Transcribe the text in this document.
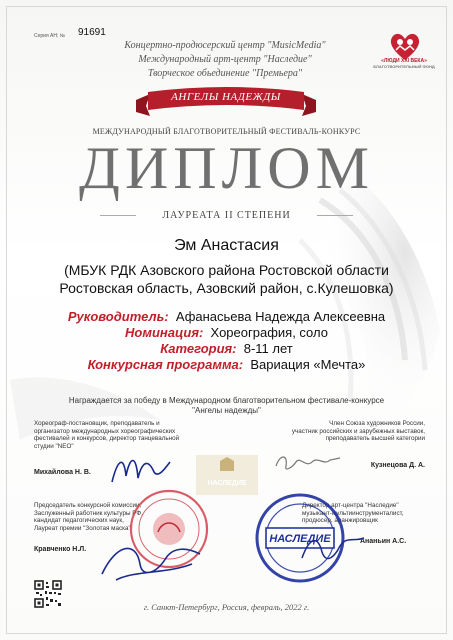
Серия АН; № 91691
Концертно-продюсерский центр "MusicMedia"
Международный арт-центр "Наследие"
Творческое обьединение "Премьера"
«ЛЮДИ XXI ВЕКА»
БЛАГОТВОРИТЕЛЬНЫЙ ФОНД
АНГЕЛЫ НАДЕЖДЫ
МЕЖДУНАРОДНЫЙ БЛАГОТВОРИТЕЛЬНЫЙ ФЕСТИВАЛЬ-КОНКУРС
ДИПЛОМ
ЛАУРЕАТА II СТЕПЕНИ
Эм Анастасия
(МБУК РДК Азовского района Ростовской области
Ростовская область, Азовский район, с.Кулешовка)
Руководитель: Афанасьева Надежда Алексеевна
Номинация: Хореография, соло
Категория: 8-11 лет
Конкурсная программа: Вариация «Мечта»
Награждается за победу в Международном благотворительном фестивале-конкурсе
"Ангелы надежды"
Хореограф-постановщик, преподаватель и
организатор международных хореографических
фестивалей и конкурсов, директор танцевальной
студии "NEO"
Михайлова Н. В.
Член Союза художников России,
участник российских и зарубежных выставок,
преподаватель высшей категории
Кузнецова Д. А.
НАСЛЕДИЕ
Председатель конкурсной комиссии,
Заслуженный работник культуры РФ,
кандидат педагогических наук,
Лауреат премии "Золотая маска"
Кравченко Н.Л.
Директор арт-центра "Наследие"
музыкант-мультиинструменталист,
продюсер, аранжировщик
Ананьин А.С.
НАСЛЕДИЕ
г. Санкт-Петербург, Россия, февраль, 2022 г.
